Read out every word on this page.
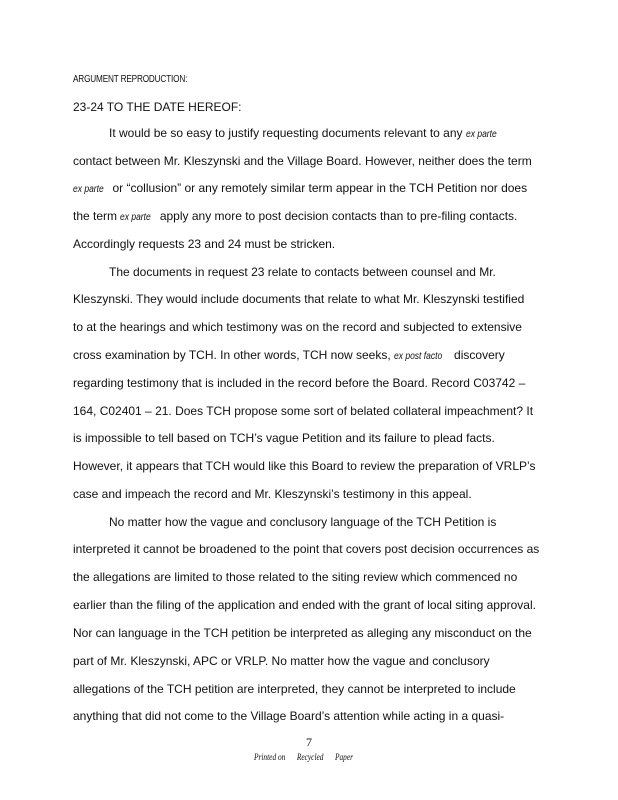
ARGUMENT REPRODUCTION:
23-24 TO THE DATE HEREOF:
It would be so easy to justify requesting documents relevant to any ex parte
contact between Mr. Kleszynski and the Village Board. However, neither does the term
ex parte or “collusion” or any remotely similar term appear in the TCH Petition nor does
the term ex parte apply any more to post decision contacts than to pre-filing contacts.
Accordingly requests 23 and 24 must be stricken.
The documents in request 23 relate to contacts between counsel and Mr.
Kleszynski. They would include documents that relate to what Mr. Kleszynski testified
to at the hearings and which testimony was on the record and subjected to extensive
cross examination by TCH. In other words, TCH now seeks, ex post facto discovery
regarding testimony that is included in the record before the Board. Record C03742 –
164, C02401 – 21. Does TCH propose some sort of belated collateral impeachment? It
is impossible to tell based on TCH’s vague Petition and its failure to plead facts.
However, it appears that TCH would like this Board to review the preparation of VRLP’s
case and impeach the record and Mr. Kleszynski’s testimony in this appeal.
No matter how the vague and conclusory language of the TCH Petition is
interpreted it cannot be broadened to the point that covers post decision occurrences as
the allegations are limited to those related to the siting review which commenced no
earlier than the filing of the application and ended with the grant of local siting approval.
Nor can language in the TCH petition be interpreted as alleging any misconduct on the
part of Mr. Kleszynski, APC or VRLP. No matter how the vague and conclusory
allegations of the TCH petition are interpreted, they cannot be interpreted to include
anything that did not come to the Village Board’s attention while acting in a quasi-
7
Printed on Recycled Paper
